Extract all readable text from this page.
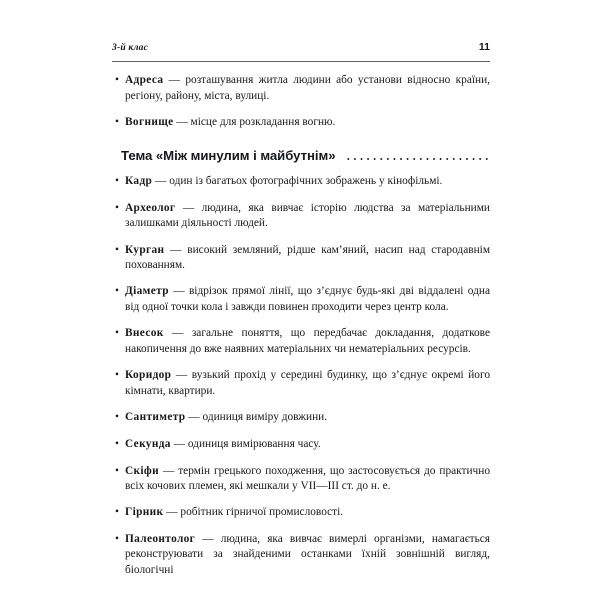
3-й клас	11

• Адреса — розташування житла людини або установи відносно країни, регіону, району, міста, вулиці.

• Вогнище — місце для розкладання вогню.

Тема «Між минулим і майбутнім»

• Кадр — один із багатьох фотографічних зображень у кінофільмі.

• Археолог — людина, яка вивчає історію людства за матеріальними залишками діяльності людей.

• Курган — високий земляний, рідше кам’яний, насип над стародавнім похованням.

• Діаметр — відрізок прямої лінії, що з’єднує будь-які дві віддалені одна від одної точки кола і завжди повинен проходити через центр кола.

• Внесок — загальне поняття, що передбачає докладання, додаткове накопичення до вже наявних матеріальних чи нематеріальних ресурсів.

• Коридор — вузький прохід у середині будинку, що з’єднує окремі його кімнати, квартири.

• Сантиметр — одиниця виміру довжини.

• Секунда — одиниця вимірювання часу.

• Скіфи — термін грецького походження, що застосовується до практично всіх кочових племен, які мешкали у VII—III ст. до н. е.

• Гірник — робітник гірничої промисловості.

• Палеонтолог — людина, яка вивчає вимерлі організми, намагається реконструювати за знайденими останками їхній зовнішній вигляд, біологічні
